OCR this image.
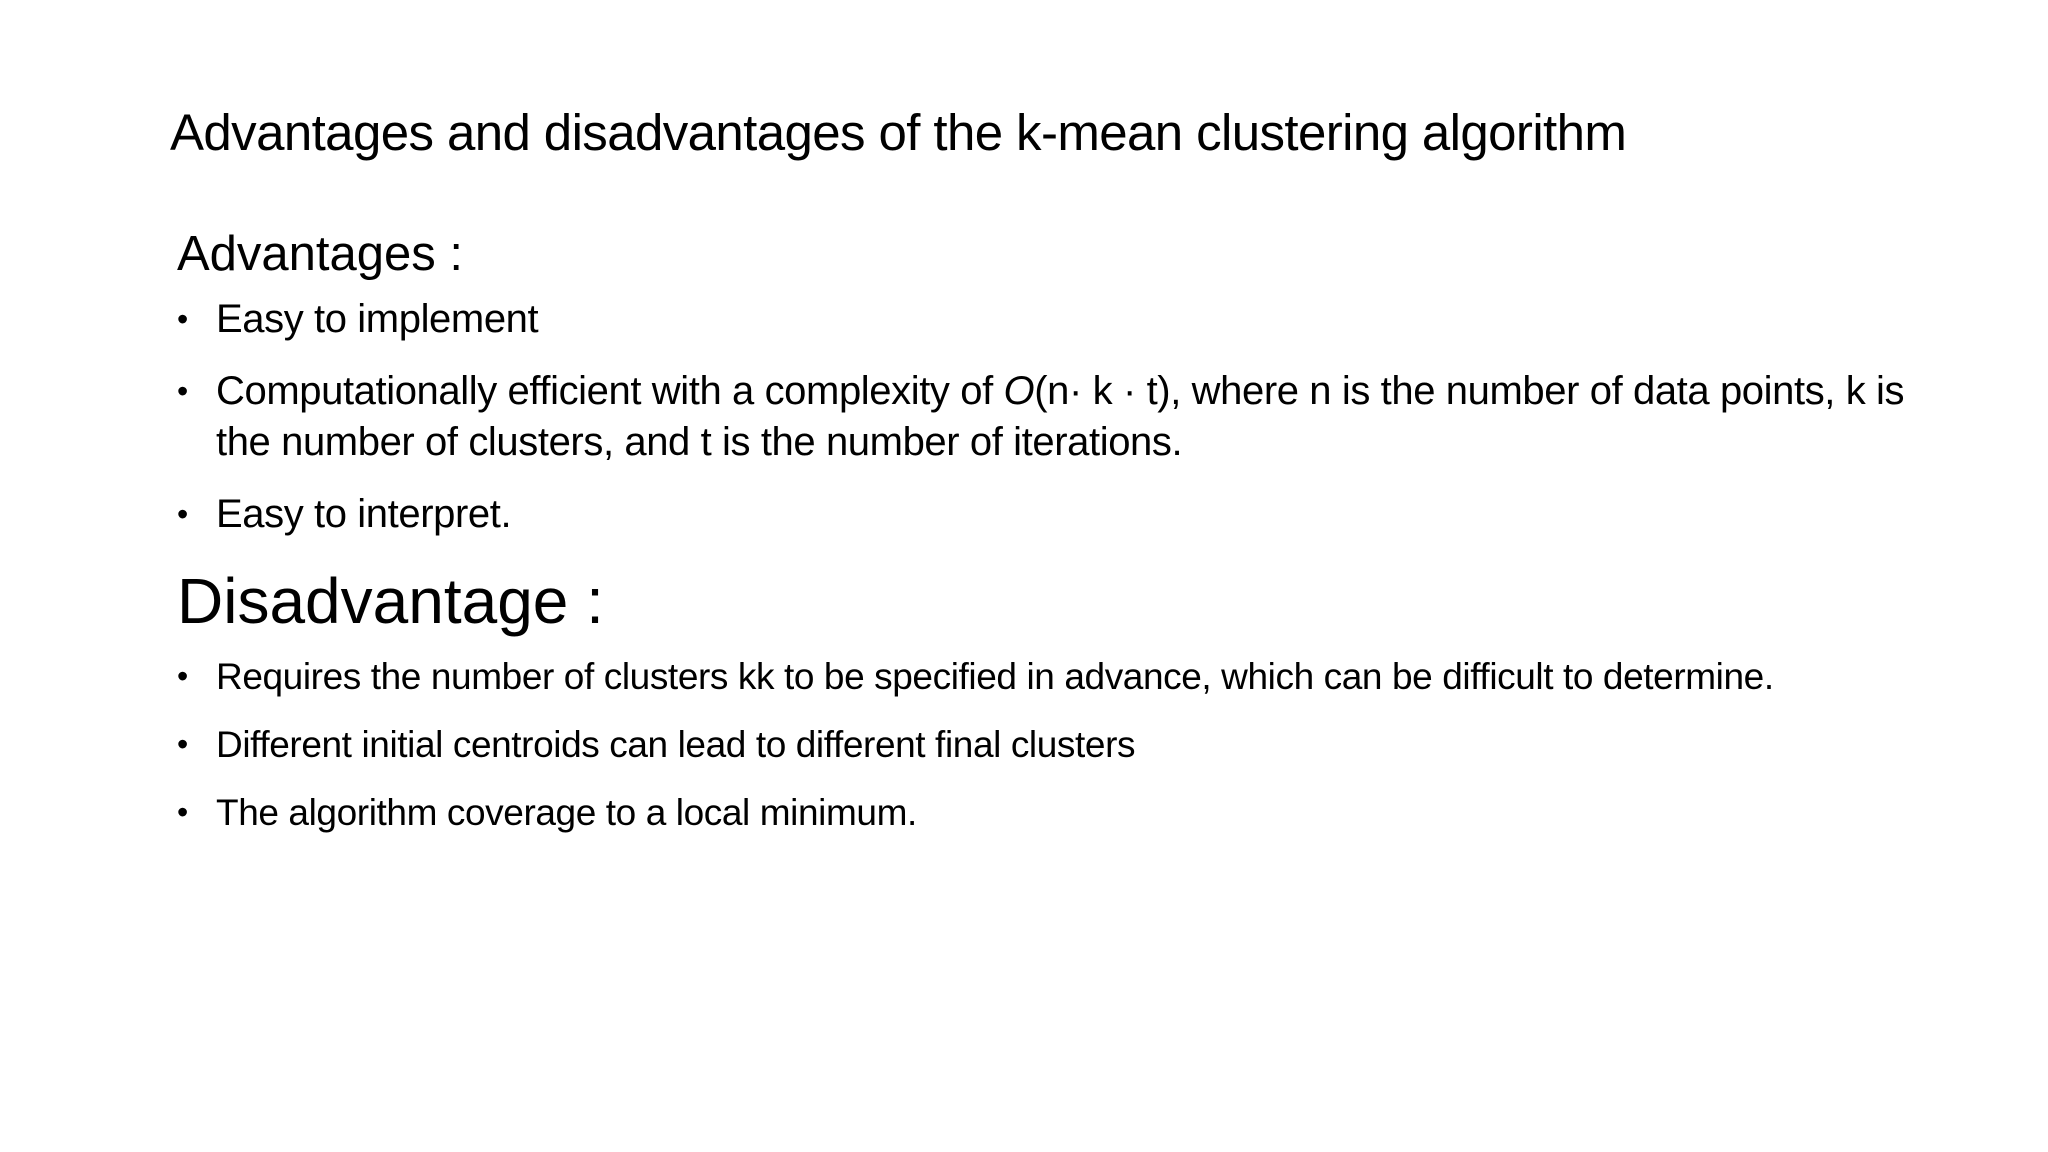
Advantages and disadvantages of the k-mean clustering algorithm

Advantages :

• Easy to implement
• Computationally efficient with a complexity of O(n· k · t), where n is the number of data points, k is the number of clusters, and t is the number of iterations.
• Easy to interpret.

Disadvantage :

• Requires the number of clusters kk to be specified in advance, which can be difficult to determine.
• Different initial centroids can lead to different final clusters
• The algorithm coverage to a local minimum.
